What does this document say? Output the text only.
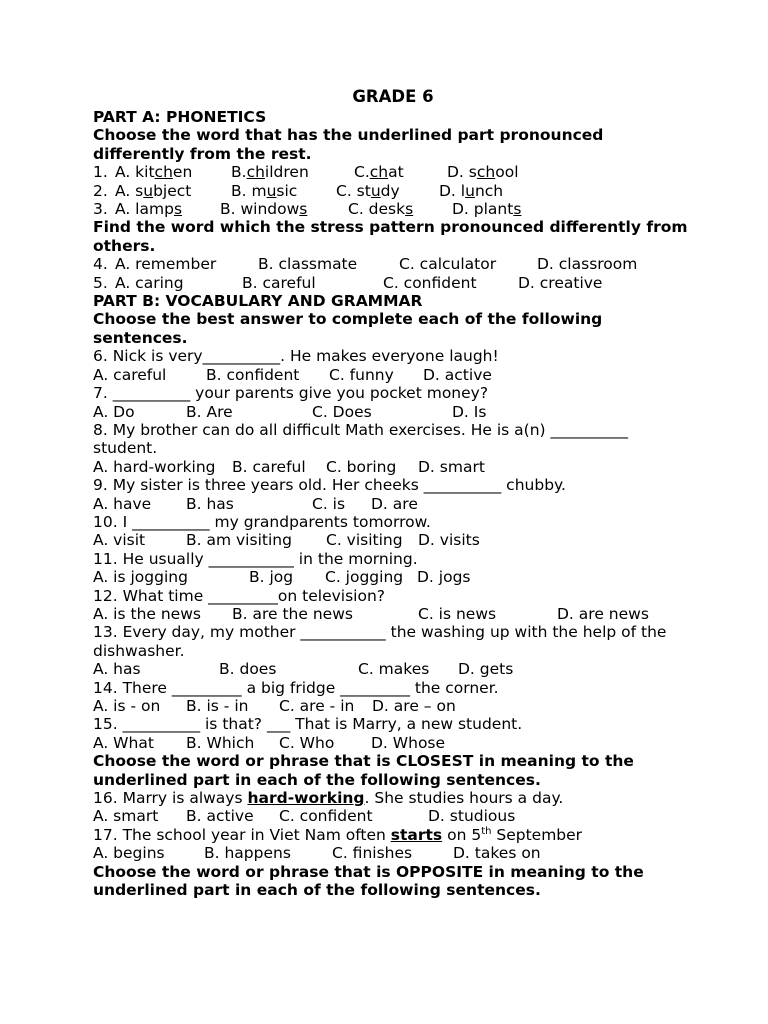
GRADE 6
PART A: PHONETICS
Choose the word that has the underlined part pronounced differently from the rest.
1. A. kitchen	B.children	C.chat	D. school
2. A. subject	B. music	C. study	D. lunch
3. A. lamps	B. windows	C. desks	D. plants
Find the word which the stress pattern pronounced differently from others.
4. A. remember	B. classmate	C. calculator	D. classroom
5. A. caring	B. careful	C. confident	D. creative
PART B: VOCABULARY AND GRAMMAR
Choose the best answer to complete each of the following sentences.
6. Nick is very__________. He makes everyone laugh!
A. careful	B. confident	C. funny	D. active
7. __________ your parents give you pocket money?
A. Do	B. Are	C. Does	D. Is
8. My brother can do all difficult Math exercises. He is a(n) __________ student.
A. hard-working	B. careful	C. boring	D. smart
9. My sister is three years old. Her cheeks __________ chubby.
A. have	B. has	C. is	D. are
10. I __________ my grandparents tomorrow.
A. visit	B. am visiting	C. visiting D. visits
11. He usually ___________ in the morning.
A. is jogging	B. jog	C. jogging D. jogs
12. What time _________on television?
A. is the news	B. are the news	C. is news	D. are news
13. Every day, my mother ___________ the washing up with the help of the dishwasher.
A. has	B. does	C. makes	D. gets
14. There _________ a big fridge _________ the corner.
A. is - on	B. is - in	C. are - in	D. are – on
15. __________ is that? ___ That is Marry, a new student.
A. What	B. Which	C. Who	D. Whose
Choose the word or phrase that is CLOSEST in meaning to the underlined part in each of the following sentences.
16. Marry is always hard-working. She studies hours a day.
A. smart	B. active	C. confident	D. studious
17. The school year in Viet Nam often starts on 5th September
A. begins	B. happens	C. finishes	D. takes on
Choose the word or phrase that is OPPOSITE in meaning to the underlined part in each of the following sentences.
